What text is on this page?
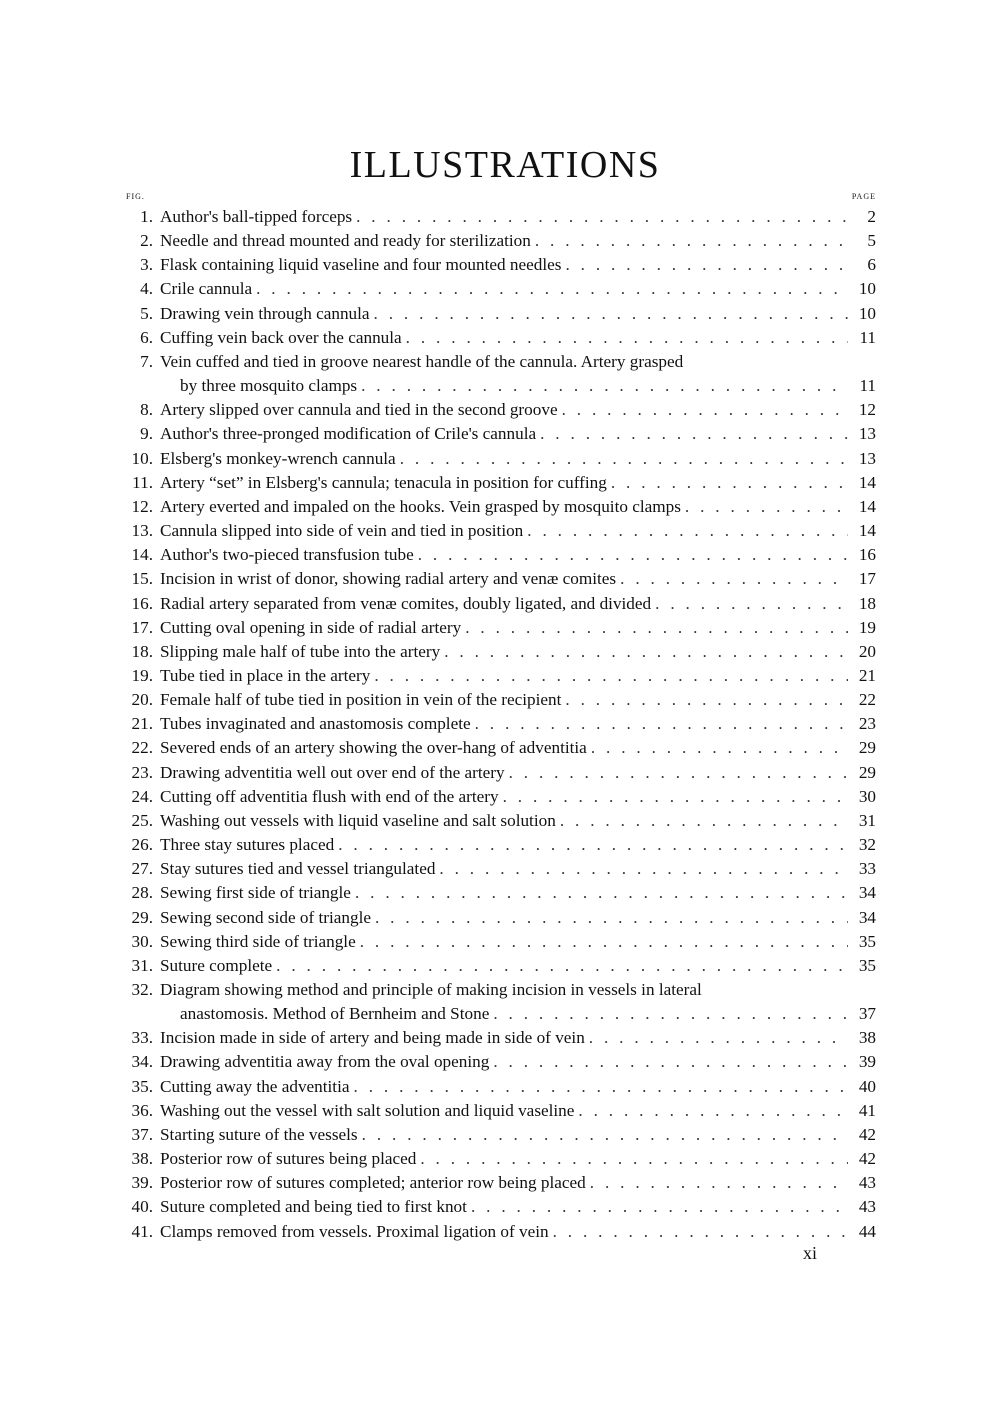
ILLUSTRATIONS
FIG.	PAGE
1. Author's ball-tipped forceps . . .	2
2. Needle and thread mounted and ready for sterilization . . .	5
3. Flask containing liquid vaseline and four mounted needles . . .	6
4. Crile cannula . . .	10
5. Drawing vein through cannula . . .	10
6. Cuffing vein back over the cannula . . .	11
7. Vein cuffed and tied in groove nearest handle of the cannula. Artery grasped
by three mosquito clamps . . .	11
8. Artery slipped over cannula and tied in the second groove . . .	12
9. Author's three-pronged modification of Crile's cannula . . .	13
10. Elsberg's monkey-wrench cannula . . .	13
11. Artery “set” in Elsberg's cannula; tenacula in position for cuffing . . .	14
12. Artery everted and impaled on the hooks. Vein grasped by mosquito clamps . . .	14
13. Cannula slipped into side of vein and tied in position . . .	14
14. Author's two-pieced transfusion tube . . .	16
15. Incision in wrist of donor, showing radial artery and venæ comites . . .	17
16. Radial artery separated from venæ comites, doubly ligated, and divided . . .	18
17. Cutting oval opening in side of radial artery . . .	19
18. Slipping male half of tube into the artery . . .	20
19. Tube tied in place in the artery . . .	21
20. Female half of tube tied in position in vein of the recipient . . .	22
21. Tubes invaginated and anastomosis complete . . .	23
22. Severed ends of an artery showing the over-hang of adventitia . . .	29
23. Drawing adventitia well out over end of the artery . . .	29
24. Cutting off adventitia flush with end of the artery . . .	30
25. Washing out vessels with liquid vaseline and salt solution . . .	31
26. Three stay sutures placed . . .	32
27. Stay sutures tied and vessel triangulated . . .	33
28. Sewing first side of triangle . . .	34
29. Sewing second side of triangle . . .	34
30. Sewing third side of triangle . . .	35
31. Suture complete . . .	35
32. Diagram showing method and principle of making incision in vessels in lateral
anastomosis. Method of Bernheim and Stone . . .	37
33. Incision made in side of artery and being made in side of vein . . .	38
34. Drawing adventitia away from the oval opening . . .	39
35. Cutting away the adventitia . . .	40
36. Washing out the vessel with salt solution and liquid vaseline . . .	41
37. Starting suture of the vessels . . .	42
38. Posterior row of sutures being placed . . .	42
39. Posterior row of sutures completed; anterior row being placed . . .	43
40. Suture completed and being tied to first knot . . .	43
41. Clamps removed from vessels. Proximal ligation of vein . . .	44
xi
